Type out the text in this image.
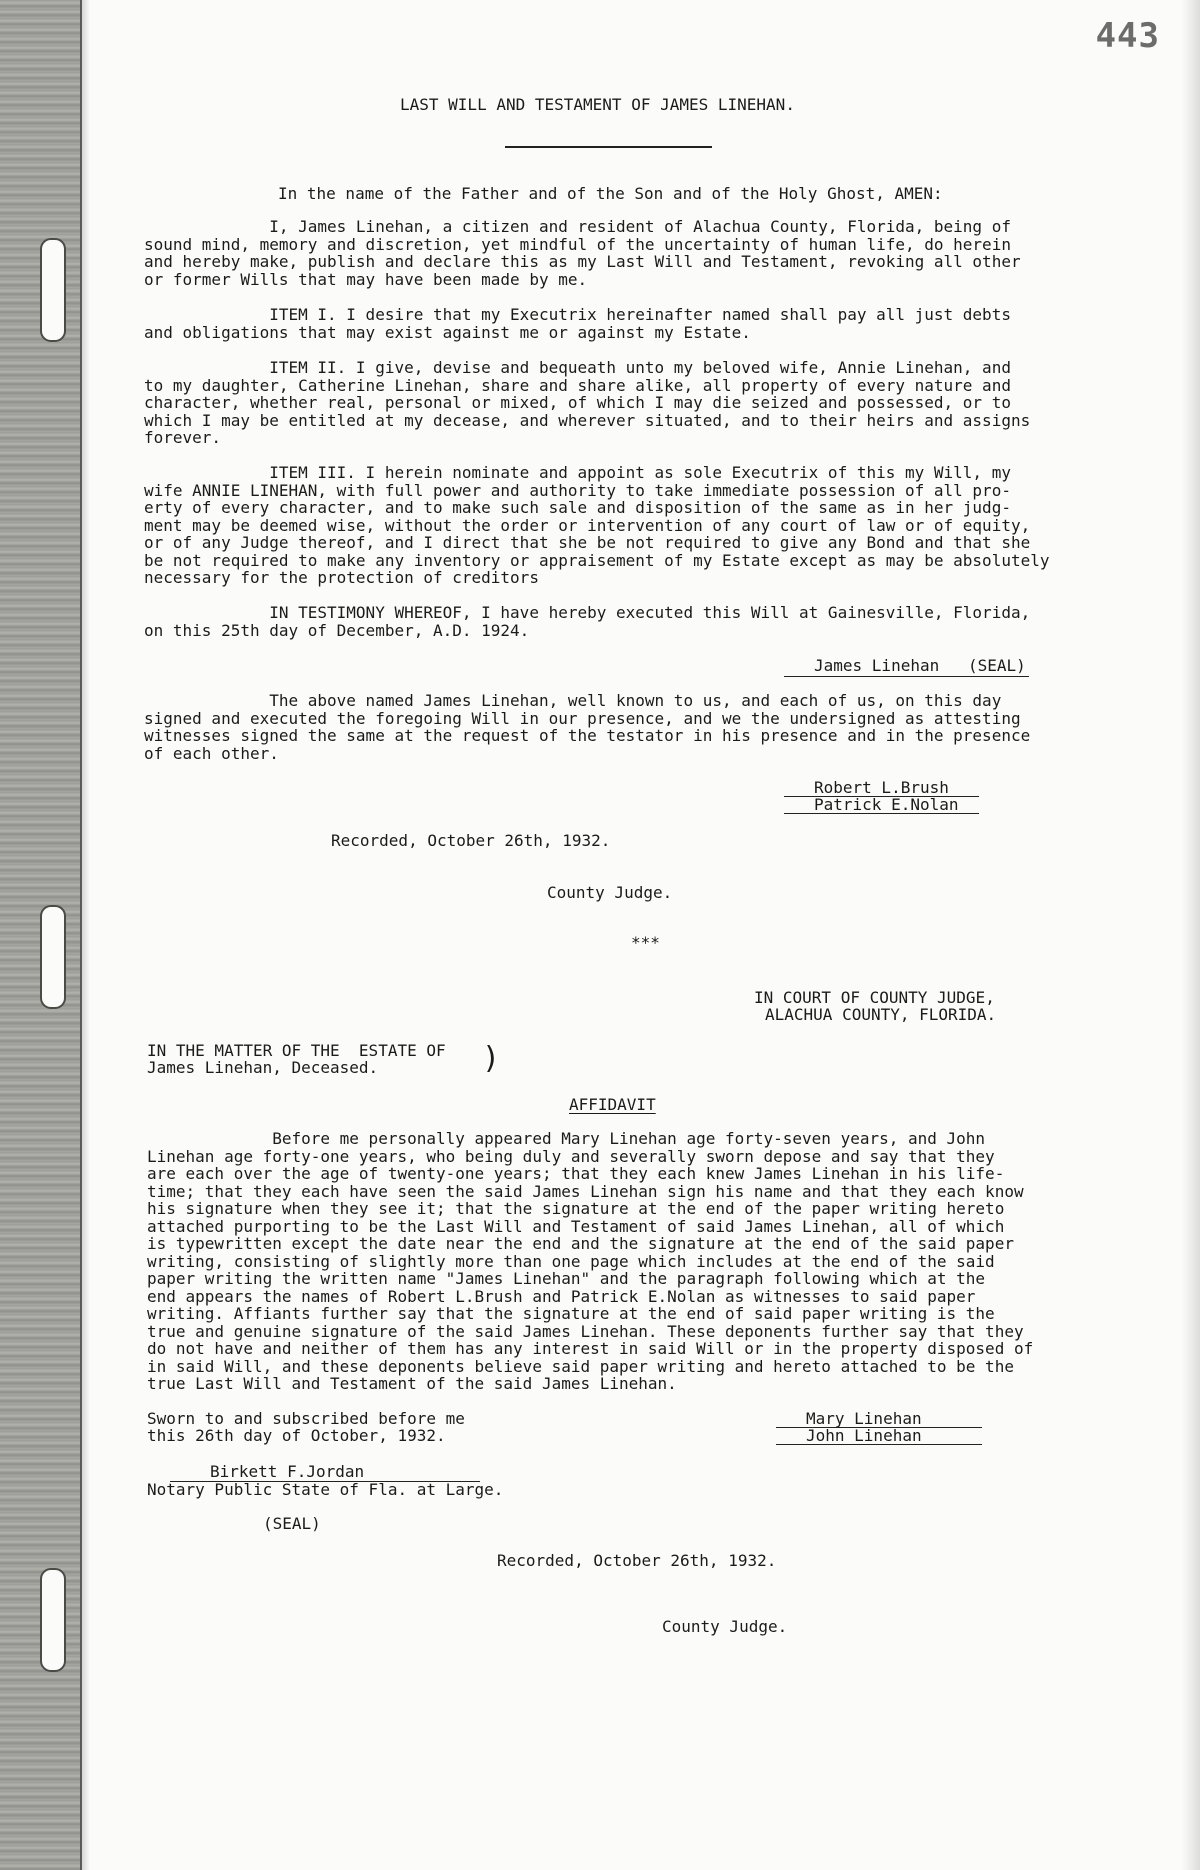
443
LAST WILL AND TESTAMENT OF JAMES LINEHAN.
In the name of the Father and of the Son and of the Holy Ghost, AMEN:
I, James Linehan, a citizen and resident of Alachua County, Florida, being of
sound mind, memory and discretion, yet mindful of the uncertainty of human life, do herein
and hereby make, publish and declare this as my Last Will and Testament, revoking all other
or former Wills that may have been made by me.
ITEM I. I desire that my Executrix hereinafter named shall pay all just debts
and obligations that may exist against me or against my Estate.
ITEM II. I give, devise and bequeath unto my beloved wife, Annie Linehan, and
to my daughter, Catherine Linehan, share and share alike, all property of every nature and
character, whether real, personal or mixed, of which I may die seized and possessed, or to
which I may be entitled at my decease, and wherever situated, and to their heirs and assigns
forever.
ITEM III. I herein nominate and appoint as sole Executrix of this my Will, my
wife ANNIE LINEHAN, with full power and authority to take immediate possession of all pro-
erty of every character, and to make such sale and disposition of the same as in her judg-
ment may be deemed wise, without the order or intervention of any court of law or of equity,
or of any Judge thereof, and I direct that she be not required to give any Bond and that she
be not required to make any inventory or appraisement of my Estate except as may be absolutely
necessary for the protection of creditors
IN TESTIMONY WHEREOF, I have hereby executed this Will at Gainesville, Florida,
on this 25th day of December, A.D. 1924.
James Linehan (SEAL)
The above named James Linehan, well known to us, and each of us, on this day
signed and executed the foregoing Will in our presence, and we the undersigned as attesting
witnesses signed the same at the request of the testator in his presence and in the presence
of each other.
Robert L.Brush
Patrick E.Nolan
Recorded, October 26th, 1932.
County Judge.
***
IN COURT OF COUNTY JUDGE,
ALACHUA COUNTY, FLORIDA.
IN THE MATTER OF THE  ESTATE OF
James Linehan, Deceased.	)
AFFIDAVIT
Before me personally appeared Mary Linehan age forty-seven years, and John
Linehan age forty-one years, who being duly and severally sworn depose and say that they
are each over the age of twenty-one years; that they each knew James Linehan in his life-
time; that they each have seen the said James Linehan sign his name and that they each know
his signature when they see it; that the signature at the end of the paper writing hereto
attached purporting to be the Last Will and Testament of said James Linehan, all of which
is typewritten except the date near the end and the signature at the end of the said paper
writing, consisting of slightly more than one page which includes at the end of the said
paper writing the written name "James Linehan" and the paragraph following which at the
end appears the names of Robert L.Brush and Patrick E.Nolan as witnesses to said paper
writing. Affiants further say that the signature at the end of said paper writing is the
true and genuine signature of the said James Linehan. These deponents further say that they
do not have and neither of them has any interest in said Will or in the property disposed of
in said Will, and these deponents believe said paper writing and hereto attached to be the
true Last Will and Testament of the said James Linehan.
Sworn to and subscribed before me
this 26th day of October, 1932.
Mary Linehan
John Linehan
Birkett F.Jordan
Notary Public State of Fla. at Large.
(SEAL)
Recorded, October 26th, 1932.
County Judge.
